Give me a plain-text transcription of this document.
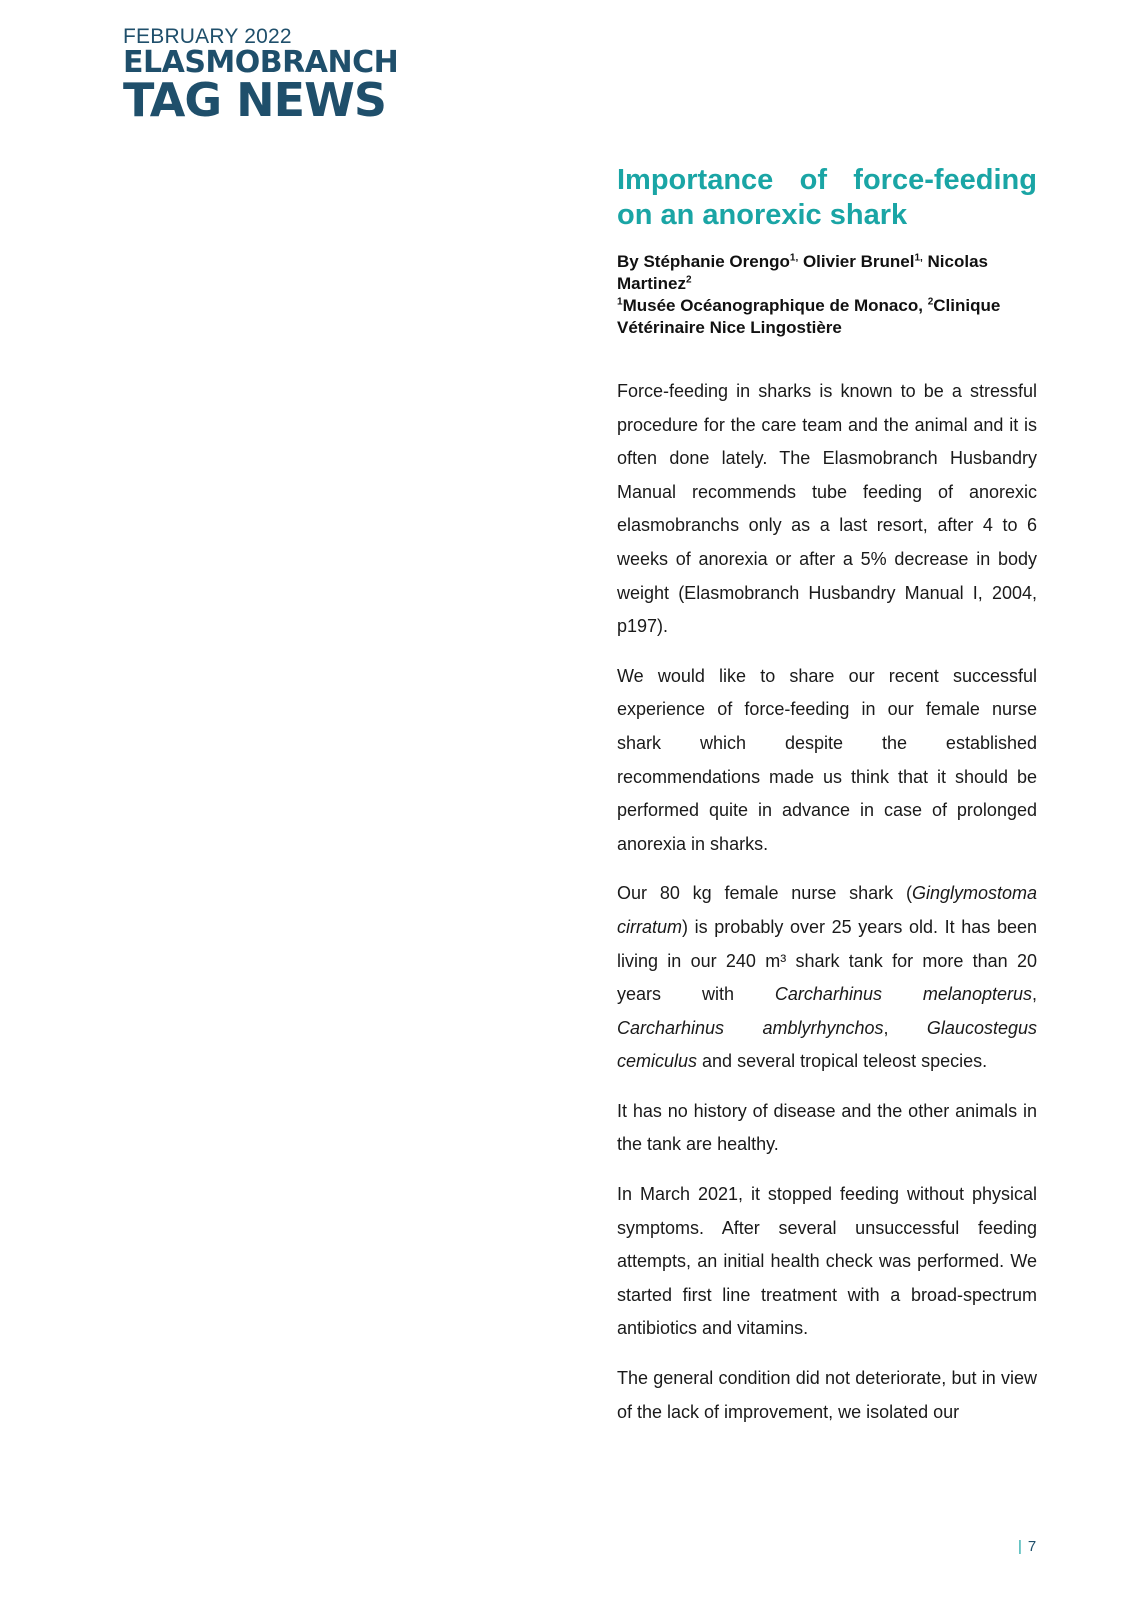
FEBRUARY 2022
ELASMOBRANCH
TAG NEWS
Importance of force-feeding on an anorexic shark
By Stéphanie Orengo$^{1,}$ Olivier Brunel$^{1,}$ Nicolas Martinez$^2$
$^1$Musée Océanographique de Monaco, $^2$Clinique Vétérinaire Nice Lingostière

Force-feeding in sharks is known to be a stressful procedure for the care team and the animal and it is often done lately. The Elasmobranch Husbandry Manual recommends tube feeding of anorexic elasmobranchs only as a last resort, after 4 to 6 weeks of anorexia or after a 5% decrease in body weight (Elasmobranch Husbandry Manual I, 2004, p197).

We would like to share our recent successful experience of force-feeding in our female nurse shark which despite the established recommendations made us think that it should be performed quite in advance in case of prolonged anorexia in sharks.

Our 80 kg female nurse shark (Ginglymostoma cirratum) is probably over 25 years old. It has been living in our 240 m³ shark tank for more than 20 years with Carcharhinus melanopterus, Carcharhinus amblyrhynchos, Glaucostegus cemiculus and several tropical teleost species.

It has no history of disease and the other animals in the tank are healthy.

In March 2021, it stopped feeding without physical symptoms. After several unsuccessful feeding attempts, an initial health check was performed. We started first line treatment with a broad-spectrum antibiotics and vitamins.

The general condition did not deteriorate, but in view of the lack of improvement, we isolated our

| 7
